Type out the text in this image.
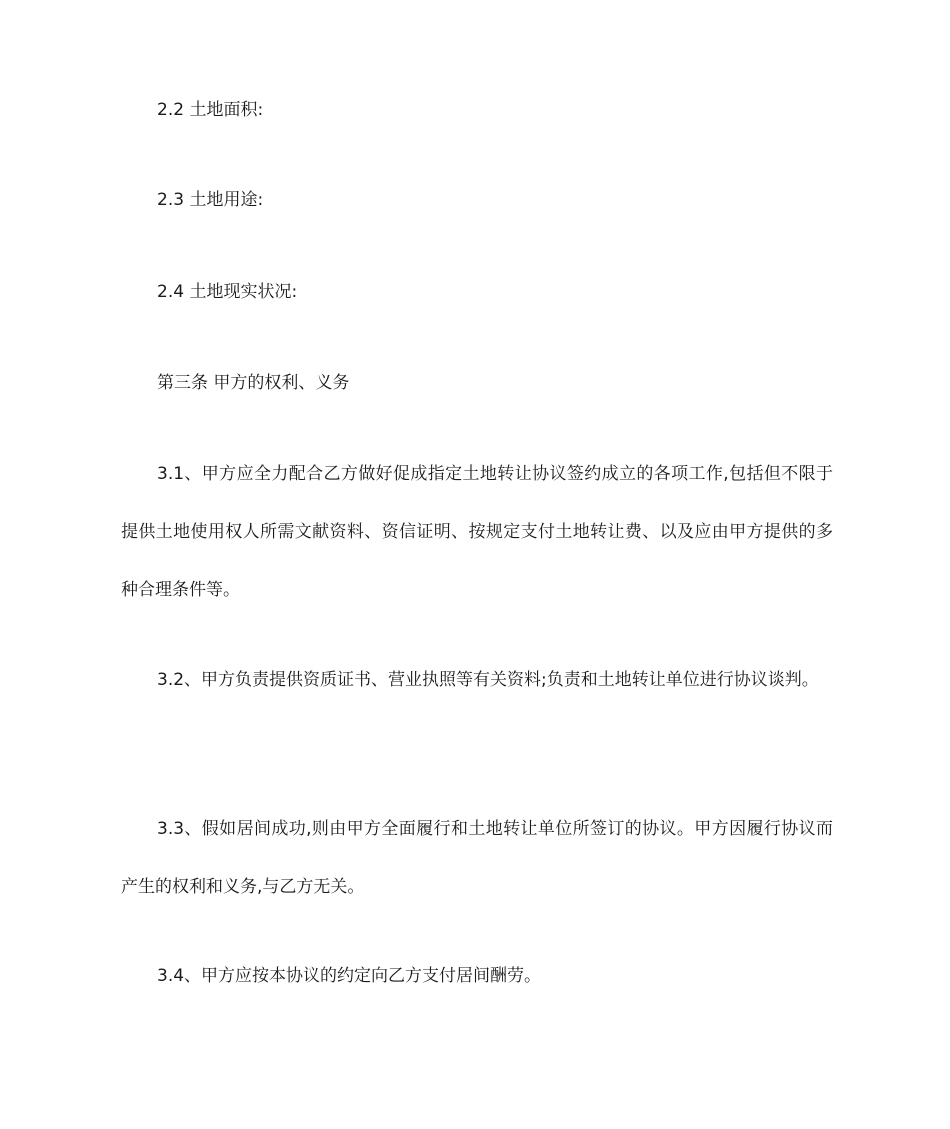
2.2 土地面积:

2.3 土地用途:

2.4 土地现实状况:

第三条 甲方的权利、义务

3.1、甲方应全力配合乙方做好促成指定土地转让协议签约成立的各项工作,包括但不限于提供土地使用权人所需文献资料、资信证明、按规定支付土地转让费、以及应由甲方提供的多种合理条件等。

3.2、甲方负责提供资质证书、营业执照等有关资料;负责和土地转让单位进行协议谈判。

3.3、假如居间成功,则由甲方全面履行和土地转让单位所签订的协议。甲方因履行协议而产生的权利和义务,与乙方无关。

3.4、甲方应按本协议的约定向乙方支付居间酬劳。
